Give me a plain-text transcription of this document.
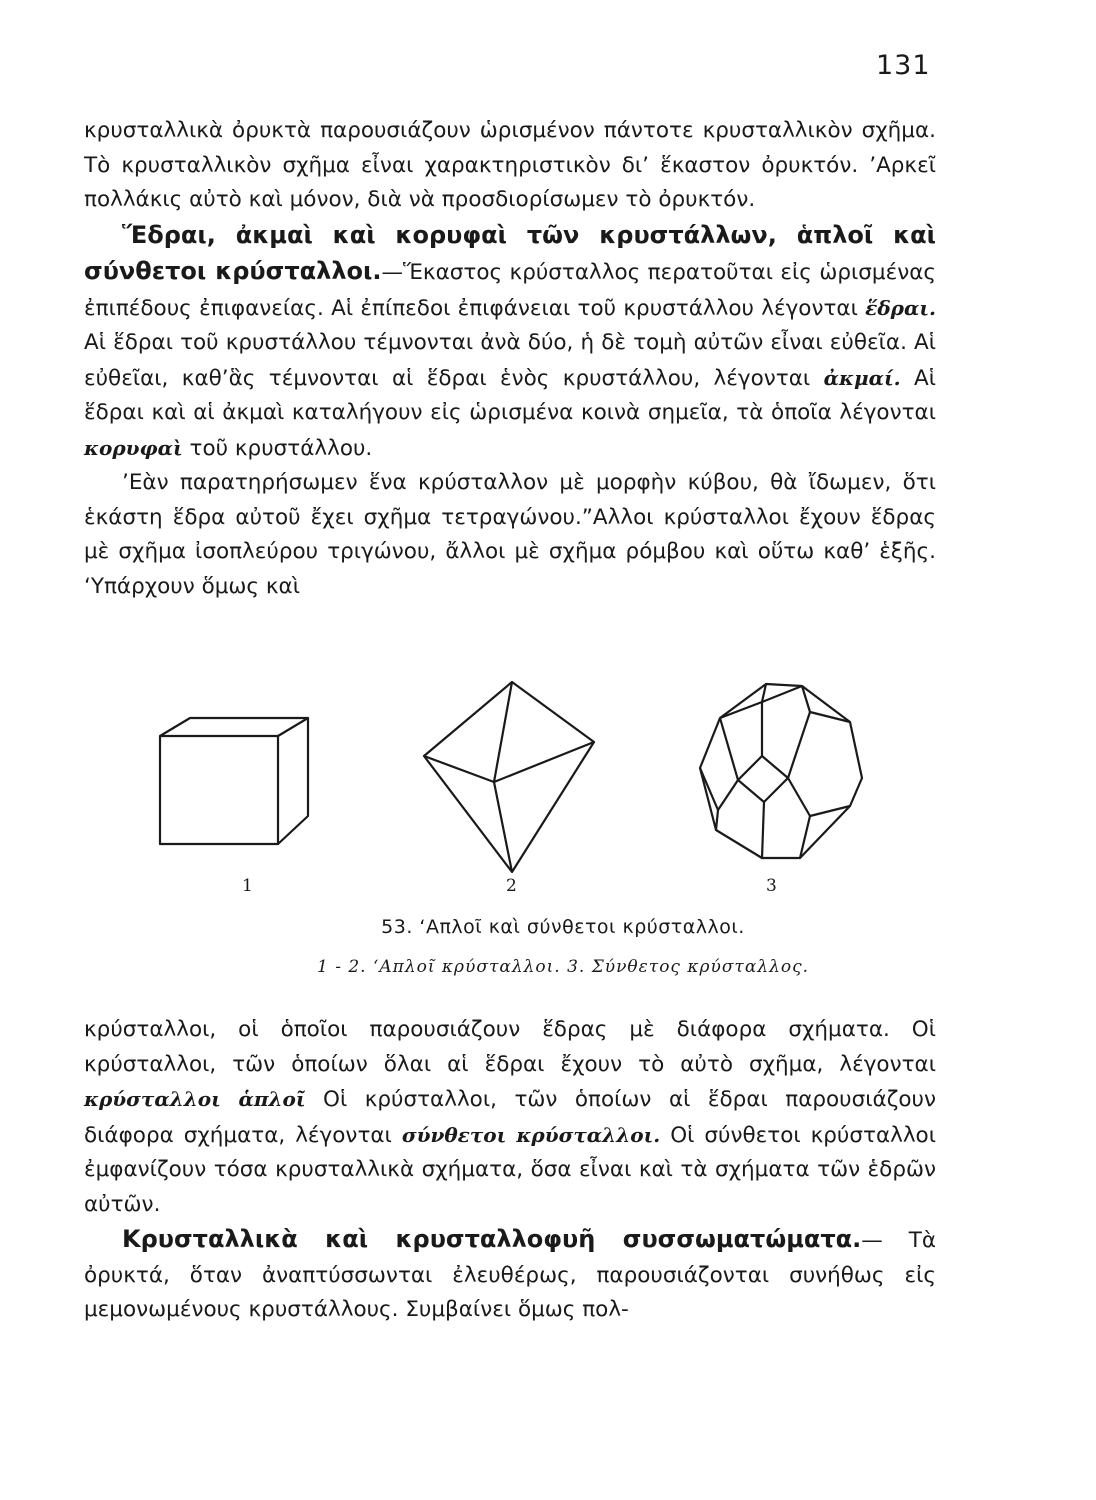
131

κρυσταλλικὰ ὀρυκτὰ παρουσιάζουν ὡρισμένον πάντοτε κρυσταλλικὸν σχῆμα. Τὸ κρυσταλλικὸν σχῆμα εἶναι χαρακτηριστικὸν δι’ ἕκαστον ὀρυκτόν. ’Αρκεῖ πολλάκις αὐτὸ καὶ μόνον, διὰ νὰ προσδιορίσωμεν τὸ ὀρυκτόν.

Ἕδραι, ἀκμαὶ καὶ κορυφαὶ τῶν κρυστάλλων, ἁπλοῖ καὶ σύνθετοι κρύσταλλοι.—Ἕκαστος κρύσταλλος περατοῦται εἰς ὡρισμένας ἐπιπέδους ἐπιφανείας. Αἱ ἐπίπεδοι ἐπιφάνειαι τοῦ κρυστάλλου λέγονται ἕδραι. Αἱ ἕδραι τοῦ κρυστάλλου τέμνονται ἀνὰ δύο, ἡ δὲ τομὴ αὐτῶν εἶναι εὐθεῖα. Αἱ εὐθεῖαι, καθ’ἃς τέμνονται αἱ ἕδραι ἑνὸς κρυστάλλου, λέγονται ἀκμαί. Αἱ ἕδραι καὶ αἱ ἀκμαὶ καταλήγουν εἰς ὡρισμένα κοινὰ σημεῖα, τὰ ὁποῖα λέγονται κορυφαὶ τοῦ κρυστάλλου.

’Εὰν παρατηρήσωμεν ἕνα κρύσταλλον μὲ μορφὴν κύβου, θὰ ἴδωμεν, ὅτι ἑκάστη ἕδρα αὐτοῦ ἔχει σχῆμα τετραγώνου.”Αλλοι κρύσταλλοι ἔχουν ἕδρας μὲ σχῆμα ἰσοπλεύρου τριγώνου, ἄλλοι μὲ σχῆμα ρόμβου καὶ οὕτω καθ’ ἑξῆς. ‘Υπάρχουν ὅμως καὶ

1	2	3
53. ‘Απλοῖ καὶ σύνθετοι κρύσταλλοι.
1 - 2. ‘Απλοῖ κρύσταλλοι. 3. Σύνθετος κρύσταλλος.

κρύσταλλοι, οἱ ὁποῖοι παρουσιάζουν ἕδρας μὲ διάφορα σχήματα. Οἱ κρύσταλλοι, τῶν ὁποίων ὅλαι αἱ ἕδραι ἔχουν τὸ αὐτὸ σχῆμα, λέγονται κρύσταλλοι ἁπλοῖ Οἱ κρύσταλλοι, τῶν ὁποίων αἱ ἕδραι παρουσιάζουν διάφορα σχήματα, λέγονται σύνθετοι κρύσταλλοι. Οἱ σύνθετοι κρύσταλλοι ἐμφανίζουν τόσα κρυσταλλικὰ σχήματα, ὅσα εἶναι καὶ τὰ σχήματα τῶν ἑδρῶν αὐτῶν.

Κρυσταλλικὰ καὶ κρυσταλλοφυῆ συσσωματώματα.— Τὰ ὀρυκτά, ὅταν ἀναπτύσσωνται ἐλευθέρως, παρουσιάζονται συνήθως εἰς μεμονωμένους κρυστάλλους. Συμβαίνει ὅμως πολ-
